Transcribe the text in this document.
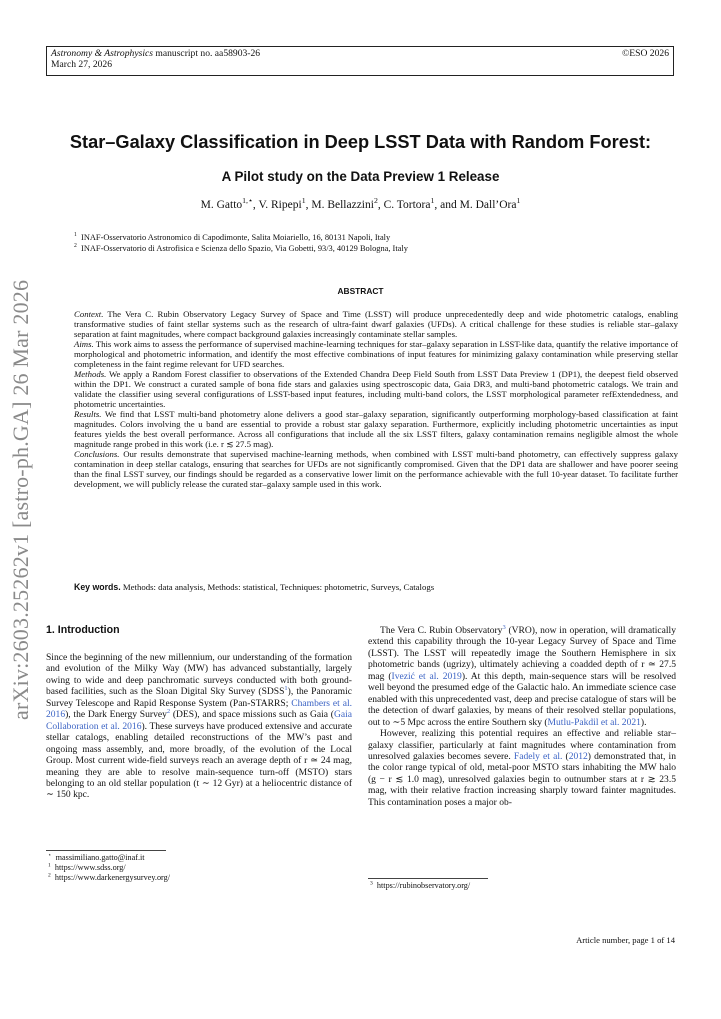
Astronomy & Astrophysics manuscript no. aa58903-26
March 27, 2026
©ESO 2026
arXiv:2603.25262v1 [astro-ph.GA] 26 Mar 2026
Star–Galaxy Classification in Deep LSST Data with Random Forest:
A Pilot study on the Data Preview 1 Release
M. Gatto$^{1,⋆}$, V. Ripepi$^1$, M. Bellazzini$^2$, C. Tortora$^1$, and M. Dall’Ora$^1$
$^1$ INAF-Osservatorio Astronomico di Capodimonte, Salita Moiariello, 16, 80131 Napoli, Italy
$^2$ INAF-Osservatorio di Astrofisica e Scienza dello Spazio, Via Gobetti, 93/3, 40129 Bologna, Italy
ABSTRACT

Context. The Vera C. Rubin Observatory Legacy Survey of Space and Time (LSST) will produce unprecedentedly deep and wide photometric catalogs, enabling transformative studies of faint stellar systems such as the research of ultra-faint dwarf galaxies (UFDs). A critical challenge for these studies is reliable star–galaxy separation at faint magnitudes, where compact background galaxies increasingly contaminate stellar samples.

Aims. This work aims to assess the performance of supervised machine-learning techniques for star–galaxy separation in LSST-like data, quantify the relative importance of morphological and photometric information, and identify the most effective combinations of input features for minimizing galaxy contamination while preserving stellar completeness in the faint regime relevant for UFD searches.

Methods. We apply a Random Forest classifier to observations of the Extended Chandra Deep Field South from LSST Data Preview 1 (DP1), the deepest field observed within the DP1. We construct a curated sample of bona fide stars and galaxies using spectroscopic data, Gaia DR3, and multi-band photometric catalogs. We train and validate the classifier using several configurations of LSST-based input features, including multi-band colors, the LSST morphological parameter refExtendedness, and photometric uncertainties.

Results. We find that LSST multi-band photometry alone delivers a good star–galaxy separation, significantly outperforming morphology-based classification at faint magnitudes. Colors involving the u band are essential to provide a robust star galaxy separation. Furthermore, explicitly including photometric uncertainties as input features yields the best overall performance. Across all configurations that include all the six LSST filters, galaxy contamination remains negligible almost the whole magnitude range probed in this work (i.e. r ≲ 27.5 mag).

Conclusions. Our results demonstrate that supervised machine-learning methods, when combined with LSST multi-band photometry, can effectively suppress galaxy contamination in deep stellar catalogs, ensuring that searches for UFDs are not significantly compromised. Given that the DP1 data are shallower and have poorer seeing than the final LSST survey, our findings should be regarded as a conservative lower limit on the performance achievable with the full 10-year dataset. To facilitate further development, we will publicly release the curated star–galaxy sample used in this work.

Key words. Methods: data analysis, Methods: statistical, Techniques: photometric, Surveys, Catalogs
1. Introduction

Since the beginning of the new millennium, our understanding of the formation and evolution of the Milky Way (MW) has advanced substantially, largely owing to wide and deep panchromatic surveys conducted with both ground-based facilities, such as the Sloan Digital Sky Survey (SDSS$^1$), the Panoramic Survey Telescope and Rapid Response System (Pan-STARRS; Chambers et al. 2016), the Dark Energy Survey$^2$ (DES), and space missions such as Gaia (Gaia Collaboration et al. 2016). These surveys have produced extensive and accurate stellar catalogs, enabling detailed reconstructions of the MW’s past and ongoing mass assembly, and, more broadly, of the evolution of the Local Group. Most current wide-field surveys reach an average depth of r ≃ 24 mag, meaning they are able to resolve main-sequence turn-off (MSTO) stars belonging to an old stellar population (t ∼ 12 Gyr) at a heliocentric distance of ∼ 150 kpc.

⋆ massimiliano.gatto@inaf.it
$^1$ https://www.sdss.org/
$^2$ https://www.darkenergysurvey.org/

The Vera C. Rubin Observatory$^3$ (VRO), now in operation, will dramatically extend this capability through the 10-year Legacy Survey of Space and Time (LSST). The LSST will repeatedly image the Southern Hemisphere in six photometric bands (ugrizy), ultimately achieving a coadded depth of r ≃ 27.5 mag (Ivezić et al. 2019). At this depth, main-sequence stars will be resolved well beyond the presumed edge of the Galactic halo. An immediate science case enabled with this unprecedented vast, deep and precise catalogue of stars will be the detection of dwarf galaxies, by means of their resolved stellar populations, out to ∼5 Mpc across the entire Southern sky (Mutlu-Pakdil et al. 2021).

However, realizing this potential requires an effective and reliable star–galaxy classifier, particularly at faint magnitudes where contamination from unresolved galaxies becomes severe. Fadely et al. (2012) demonstrated that, in the color range typical of old, metal-poor MSTO stars inhabiting the MW halo (g − r ≲ 1.0 mag), unresolved galaxies begin to outnumber stars at r ≳ 23.5 mag, with their relative fraction increasing sharply toward fainter magnitudes. This contamination poses a major ob-

$^3$ https://rubinobservatory.org/
Article number, page 1 of 14
